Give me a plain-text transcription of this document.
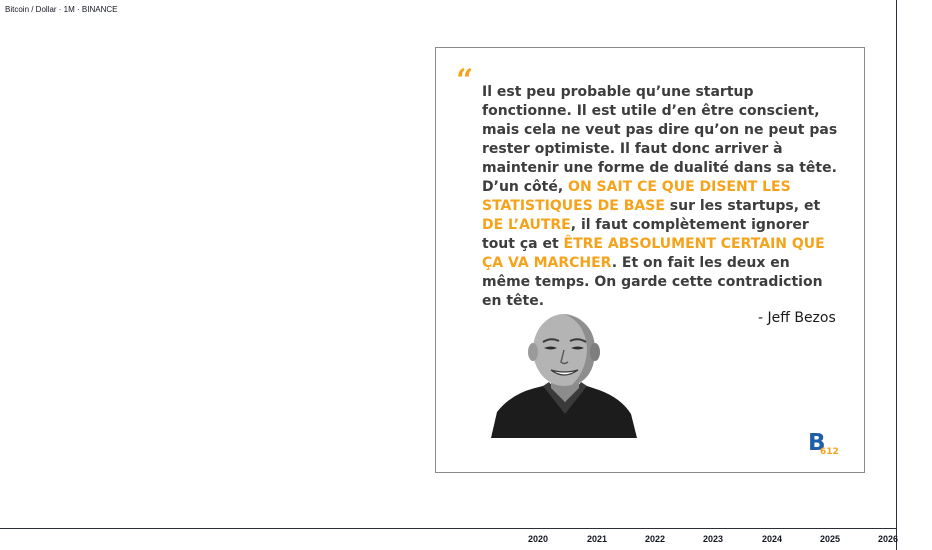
Bitcoin / Dollar · 1M · BINANCE
2020	2021	2022	2023	2024	2025	2026
“ Il est peu probable qu’une startup fonctionne. Il est utile d’en être conscient, mais cela ne veut pas dire qu’on ne peut pas rester optimiste. Il faut donc arriver à maintenir une forme de dualité dans sa tête. D’un côté, ON SAIT CE QUE DISENT LES STATISTIQUES DE BASE sur les startups, et DE L’AUTRE, il faut complètement ignorer tout ça et ÊTRE ABSOLUMENT CERTAIN QUE ÇA VA MARCHER. Et on fait les deux en même temps. On garde cette contradiction en tête.

- Jeff Bezos
B
612
